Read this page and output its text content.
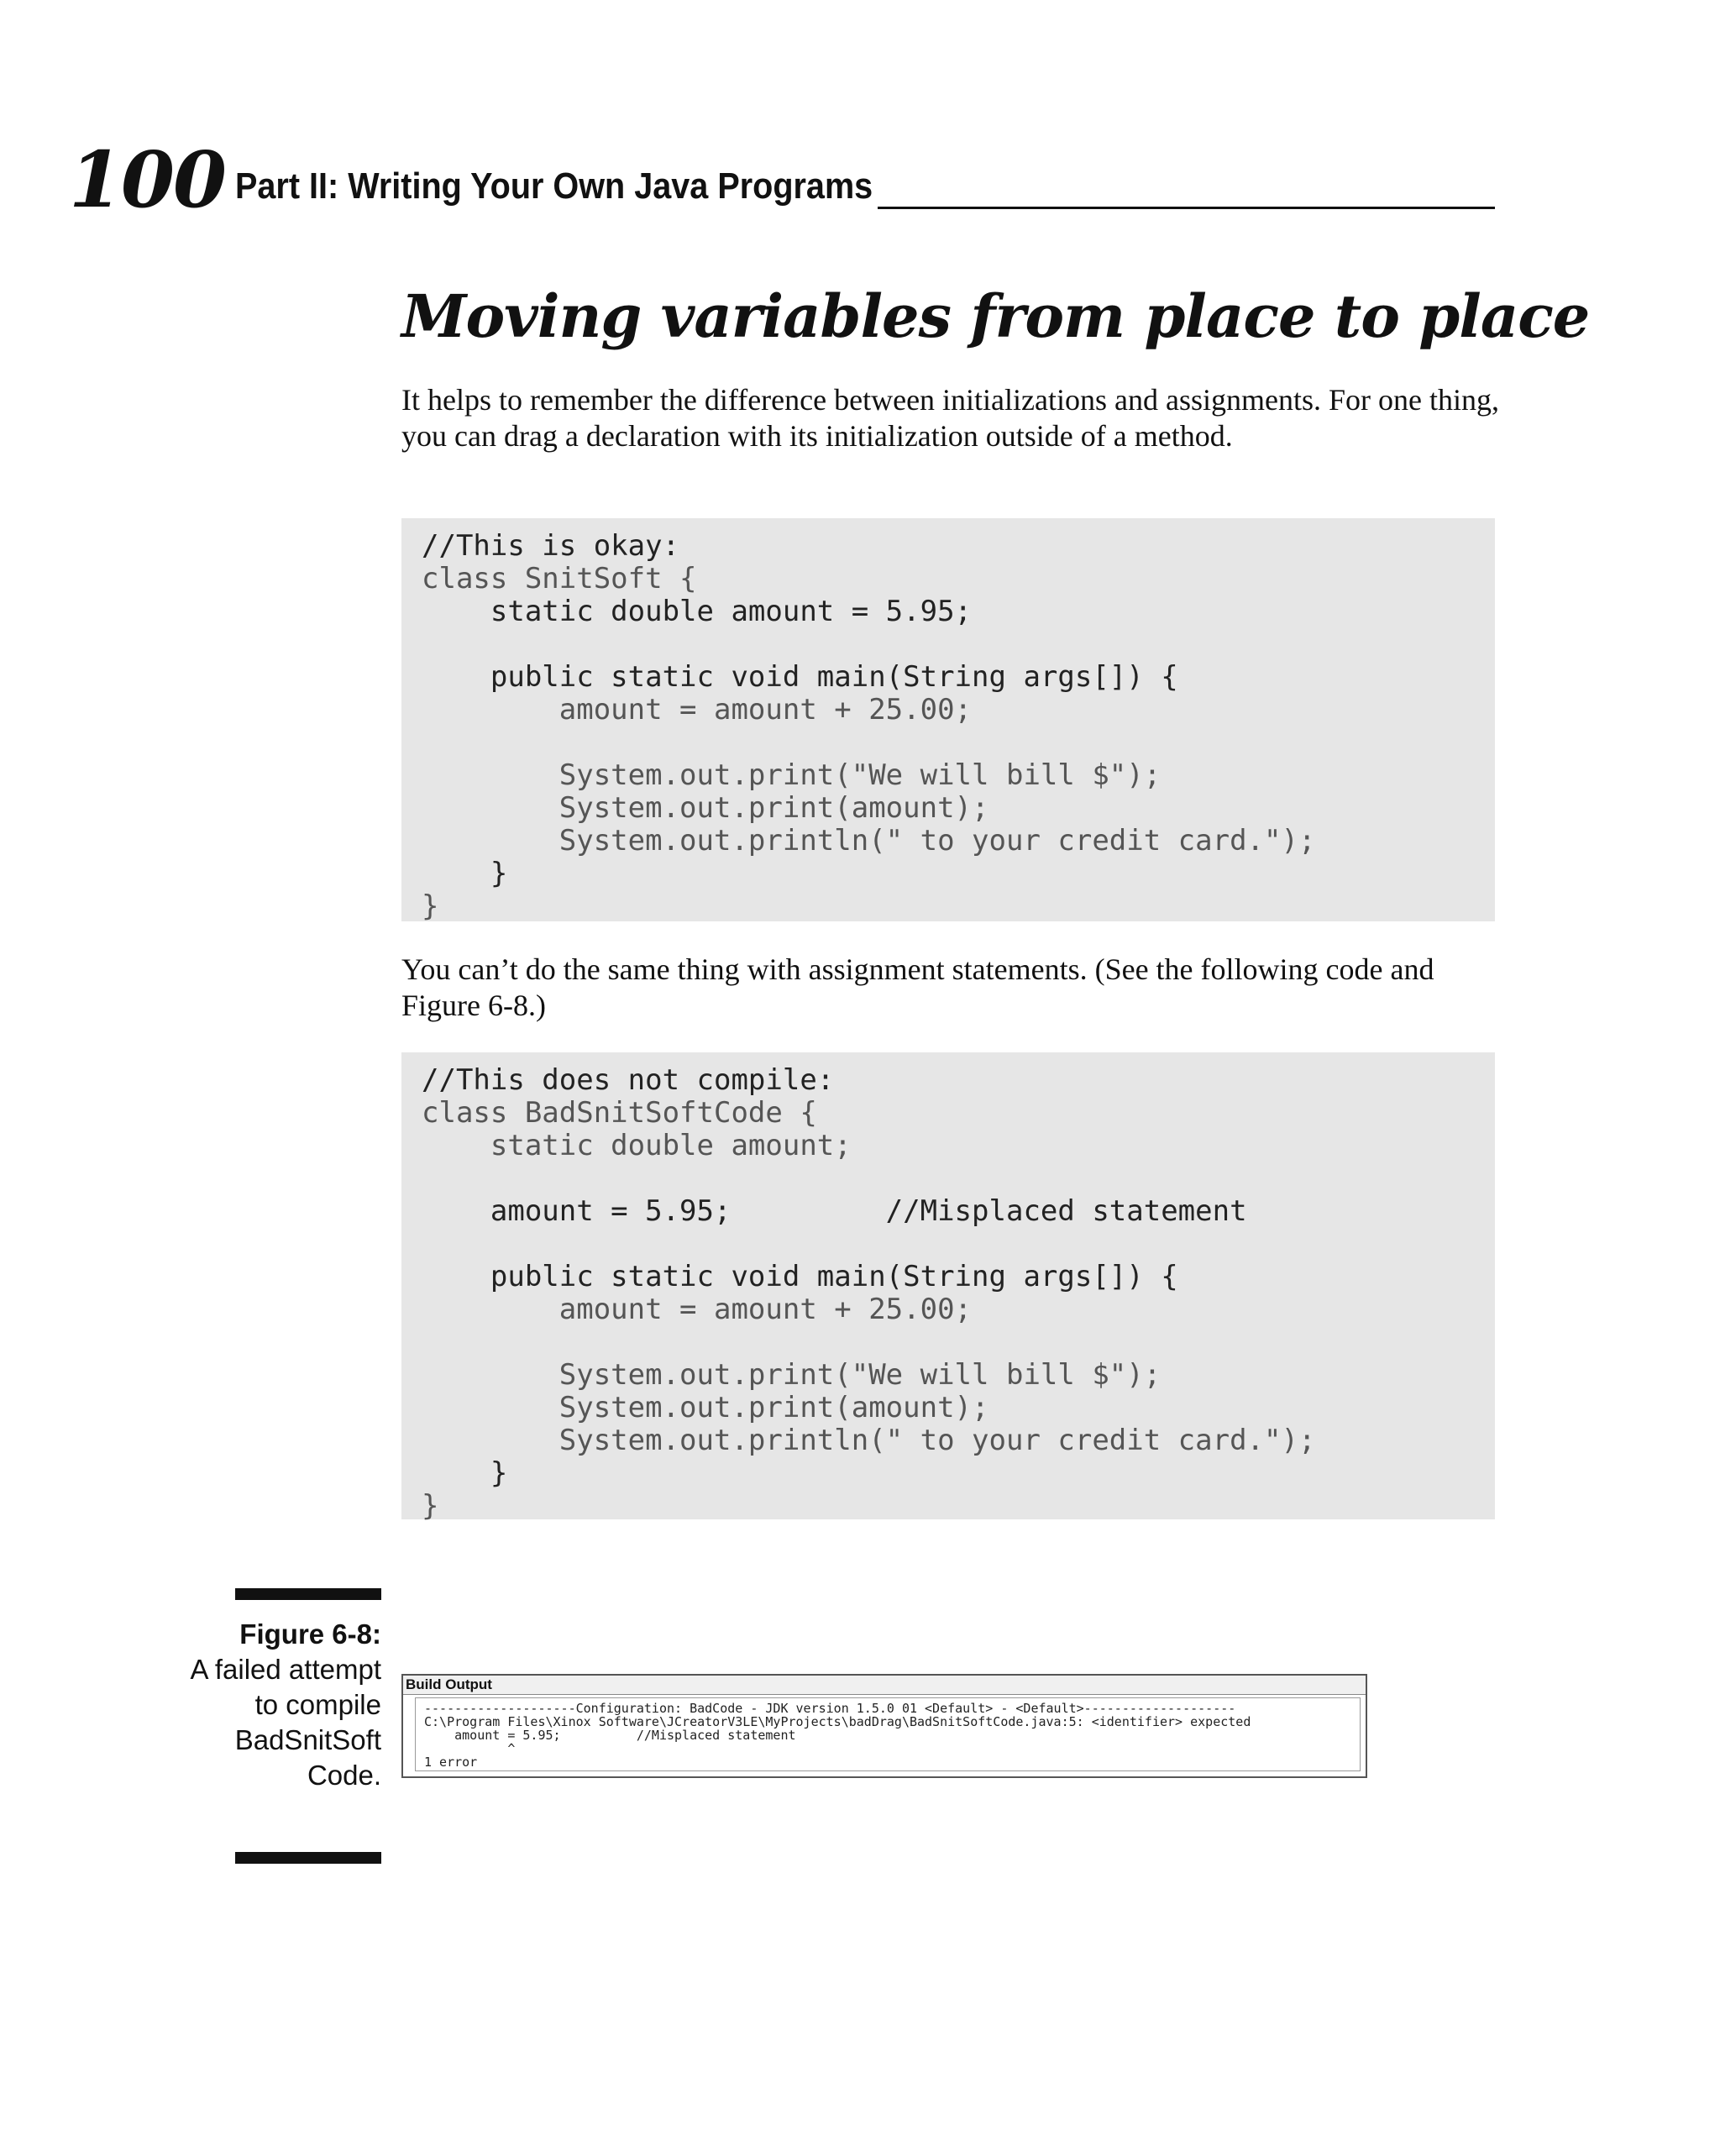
100 Part II: Writing Your Own Java Programs
Moving variables from place to place
It helps to remember the difference between initializations and assignments. For one thing, you can drag a declaration with its initialization outside of a method.
//This is okay:
class SnitSoft {
static double amount = 5.95;
public static void main(String args[]) {
amount = amount + 25.00;
System.out.print("We will bill $");
System.out.print(amount);
System.out.println(" to your credit card.");
}
}
You can’t do the same thing with assignment statements. (See the following code and Figure 6-8.)
//This does not compile:
class BadSnitSoftCode {
static double amount;
amount = 5.95;         //Misplaced statement
public static void main(String args[]) {
amount = amount + 25.00;
System.out.print("We will bill $");
System.out.print(amount);
System.out.println(" to your credit card.");
}
}
Figure 6-8:
A failed attempt to compile BadSnitSoft Code.
Build Output
--------------------Configuration: BadCode - JDK version 1.5.0_01 <Default> - <Default>--------------------
C:\Program Files\Xinox Software\JCreatorV3LE\MyProjects\badDrag\BadSnitSoftCode.java:5: <identifier> expected
amount = 5.95;          //Misplaced statement
^
1 error
